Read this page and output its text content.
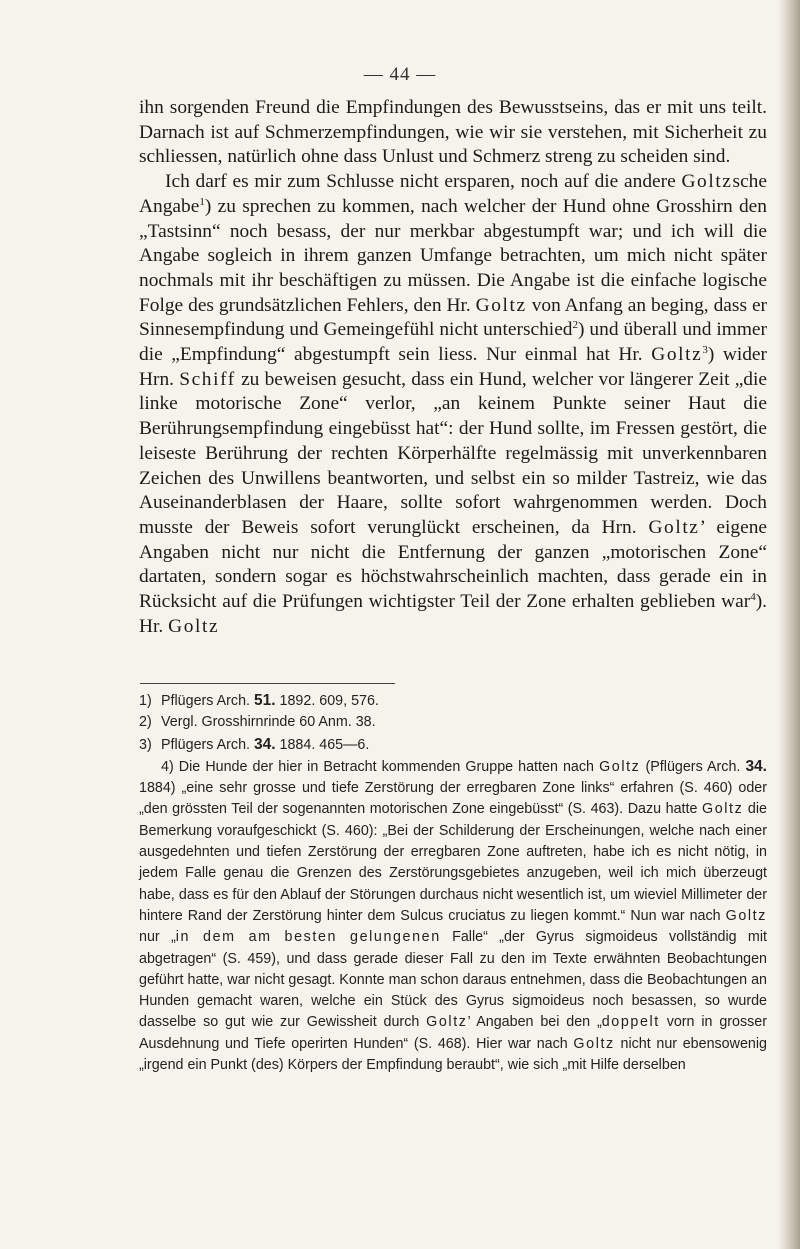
— 44 —

ihn sorgenden Freund die Empfindungen des Bewusstseins, das er mit uns teilt. Darnach ist auf Schmerzempfindungen, wie wir sie verstehen, mit Sicherheit zu schliessen, natürlich ohne dass Unlust und Schmerz streng zu scheiden sind.

Ich darf es mir zum Schlusse nicht ersparen, noch auf die andere Goltzsche Angabe$^1$) zu sprechen zu kommen, nach welcher der Hund ohne Grosshirn den „Tastsinn“ noch besass, der nur merkbar abgestumpft war; und ich will die Angabe sogleich in ihrem ganzen Umfange betrachten, um mich nicht später nochmals mit ihr beschäftigen zu müssen. Die Angabe ist die einfache logische Folge des grundsätzlichen Fehlers, den Hr. Goltz von Anfang an beging, dass er Sinnesempfindung und Gemeingefühl nicht unterschied$^2$) und überall und immer die „Empfindung“ abgestumpft sein liess. Nur einmal hat Hr. Goltz$^3$) wider Hrn. Schiff zu beweisen gesucht, dass ein Hund, welcher vor längerer Zeit „die linke motorische Zone“ verlor, „an keinem Punkte seiner Haut die Berührungsempfindung eingebüsst hat“: der Hund sollte, im Fressen gestört, die leiseste Berührung der rechten Körperhälfte regelmässig mit unverkennbaren Zeichen des Unwillens beantworten, und selbst ein so milder Tastreiz, wie das Auseinanderblasen der Haare, sollte sofort wahrgenommen werden. Doch musste der Beweis sofort verunglückt erscheinen, da Hrn. Goltz’ eigene Angaben nicht nur nicht die Entfernung der ganzen „motorischen Zone“ dartaten, sondern sogar es höchstwahrscheinlich machten, dass gerade ein in Rücksicht auf die Prüfungen wichtigster Teil der Zone erhalten geblieben war$^4$). Hr. Goltz

1) Pflügers Arch. 51. 1892. 609, 576.

2) Vergl. Grosshirnrinde 60 Anm. 38.

3) Pflügers Arch. 34. 1884. 465—6.

4) Die Hunde der hier in Betracht kommenden Gruppe hatten nach Goltz (Pflügers Arch. 34. 1884) „eine sehr grosse und tiefe Zerstörung der erregbaren Zone links“ erfahren (S. 460) oder „den grössten Teil der sogenannten motorischen Zone eingebüsst“ (S. 463). Dazu hatte Goltz die Bemerkung voraufgeschickt (S. 460): „Bei der Schilderung der Erscheinungen, welche nach einer ausgedehnten und tiefen Zerstörung der erregbaren Zone auftreten, habe ich es nicht nötig, in jedem Falle genau die Grenzen des Zerstörungsgebietes anzugeben, weil ich mich überzeugt habe, dass es für den Ablauf der Störungen durchaus nicht wesentlich ist, um wieviel Millimeter der hintere Rand der Zerstörung hinter dem Sulcus cruciatus zu liegen kommt.“ Nun war nach Goltz nur „in dem am besten gelungenen Falle“ „der Gyrus sigmoideus vollständig mit abgetragen“ (S. 459), und dass gerade dieser Fall zu den im Texte erwähnten Beobachtungen geführt hatte, war nicht gesagt. Konnte man schon daraus entnehmen, dass die Beobachtungen an Hunden gemacht waren, welche ein Stück des Gyrus sigmoideus noch besassen, so wurde dasselbe so gut wie zur Gewissheit durch Goltz’ Angaben bei den „doppelt vorn in grosser Ausdehnung und Tiefe operirten Hunden“ (S. 468). Hier war nach Goltz nicht nur ebensowenig „irgend ein Punkt (des) Körpers der Empfindung beraubt“, wie sich „mit Hilfe derselben
